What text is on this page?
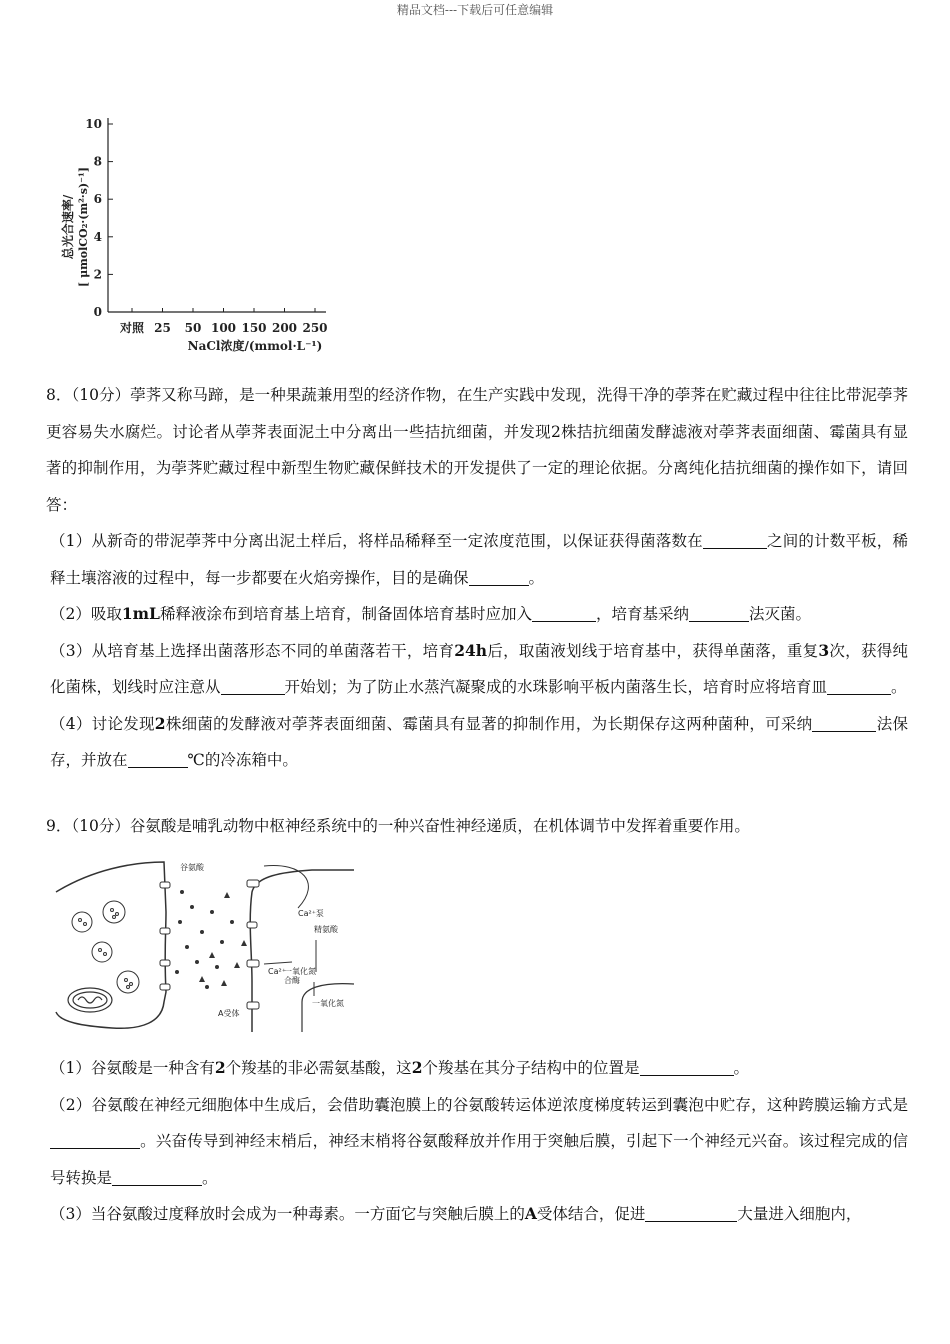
精品文档---下载后可任意编辑
总光合速率/ [ μmolCO₂·(m²·s)⁻¹]
0
2
4
6
8
10
对照 25 50 100 150 200 250
NaCl浓度/(mmol·L⁻¹)

8．（10分）荸荠又称马蹄，是一种果蔬兼用型的经济作物，在生产实践中发现，洗得干净的荸荠在贮藏过程中往往比带泥荸荠更容易失水腐烂。讨论者从荸荠表面泥土中分离出一些拮抗细菌，并发现2株拮抗细菌发酵滤液对荸荠表面细菌、霉菌具有显著的抑制作用，为荸荠贮藏过程中新型生物贮藏保鲜技术的开发提供了一定的理论依据。分离纯化拮抗细菌的操作如下，请回答：

（1）从新奇的带泥荸荠中分离出泥土样后，将样品稀释至一定浓度范围，以保证获得菌落数在	之间的计数平板，稀释土壤溶液的过程中，每一步都要在火焰旁操作，目的是确保	。

（2）吸取1mL稀释液涂布到培育基上培育，制备固体培育基时应加入	，培育基采纳	法灭菌。

（3）从培育基上选择出菌落形态不同的单菌落若干，培育24h后，取菌液划线于培育基中，获得单菌落，重复3次，获得纯化菌株，划线时应注意从	开始划；为了防止水蒸汽凝聚成的水珠影响平板内菌落生长，培育时应将培育皿	。

（4）讨论发现2株细菌的发酵液对荸荠表面细菌、霉菌具有显著的抑制作用，为长期保存这两种菌种，可采纳	法保存，并放在	℃的冷冻箱中。

9．（10分）谷氨酸是哺乳动物中枢神经系统中的一种兴奋性神经递质，在机体调节中发挥着重要作用。

谷氨酸
Ca²⁺泵
精氨酸
一氧化氮
合酶
Ca²⁺
一氧化氮
A受体

（1）谷氨酸是一种含有2个羧基的非必需氨基酸，这2个羧基在其分子结构中的位置是	。

（2）谷氨酸在神经元细胞体中生成后，会借助囊泡膜上的谷氨酸转运体逆浓度梯度转运到囊泡中贮存，这种跨膜运输方式是。兴奋传导到神经末梢后，神经末梢将谷氨酸释放并作用于突触后膜，引起下一个神经元兴奋。该过程完成的信号转换是	。

（3）当谷氨酸过度释放时会成为一种毒素。一方面它与突触后膜上的A受体结合，促进	大量进入细胞内，
